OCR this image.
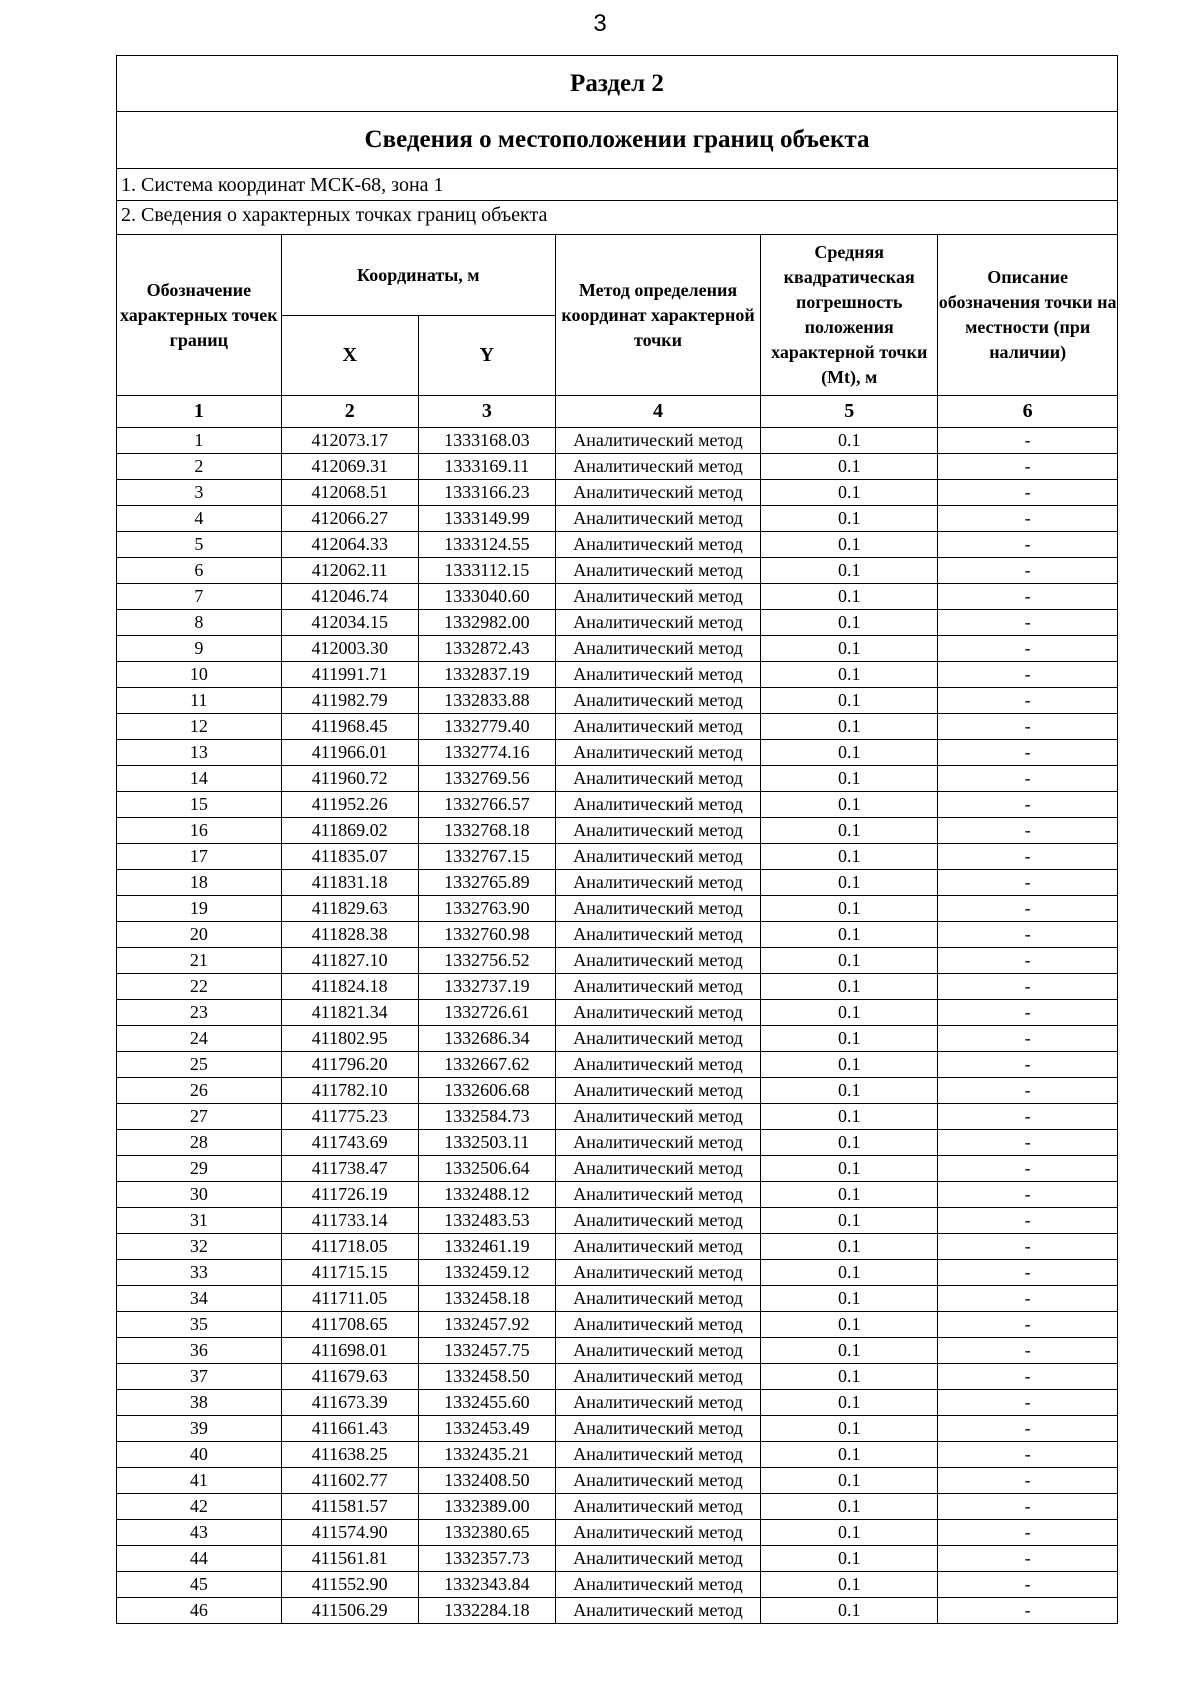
3
Раздел 2
Сведения о местоположении границ объекта
1. Система координат МСК-68, зона 1
2. Сведения о характерных точках границ объекта
Обозначение характерных точек границ	Координаты, м		Метод определения координат характерной точки	Средняя квадратическая погрешность положения характерной точки (Mt), м	Описание обозначения точки на местности (при наличии)
	X	Y			
1	2	3	4	5	6
1	412073.17	1333168.03	Аналитический метод	0.1	-
2	412069.31	1333169.11	Аналитический метод	0.1	-
3	412068.51	1333166.23	Аналитический метод	0.1	-
4	412066.27	1333149.99	Аналитический метод	0.1	-
5	412064.33	1333124.55	Аналитический метод	0.1	-
6	412062.11	1333112.15	Аналитический метод	0.1	-
7	412046.74	1333040.60	Аналитический метод	0.1	-
8	412034.15	1332982.00	Аналитический метод	0.1	-
9	412003.30	1332872.43	Аналитический метод	0.1	-
10	411991.71	1332837.19	Аналитический метод	0.1	-
11	411982.79	1332833.88	Аналитический метод	0.1	-
12	411968.45	1332779.40	Аналитический метод	0.1	-
13	411966.01	1332774.16	Аналитический метод	0.1	-
14	411960.72	1332769.56	Аналитический метод	0.1	-
15	411952.26	1332766.57	Аналитический метод	0.1	-
16	411869.02	1332768.18	Аналитический метод	0.1	-
17	411835.07	1332767.15	Аналитический метод	0.1	-
18	411831.18	1332765.89	Аналитический метод	0.1	-
19	411829.63	1332763.90	Аналитический метод	0.1	-
20	411828.38	1332760.98	Аналитический метод	0.1	-
21	411827.10	1332756.52	Аналитический метод	0.1	-
22	411824.18	1332737.19	Аналитический метод	0.1	-
23	411821.34	1332726.61	Аналитический метод	0.1	-
24	411802.95	1332686.34	Аналитический метод	0.1	-
25	411796.20	1332667.62	Аналитический метод	0.1	-
26	411782.10	1332606.68	Аналитический метод	0.1	-
27	411775.23	1332584.73	Аналитический метод	0.1	-
28	411743.69	1332503.11	Аналитический метод	0.1	-
29	411738.47	1332506.64	Аналитический метод	0.1	-
30	411726.19	1332488.12	Аналитический метод	0.1	-
31	411733.14	1332483.53	Аналитический метод	0.1	-
32	411718.05	1332461.19	Аналитический метод	0.1	-
33	411715.15	1332459.12	Аналитический метод	0.1	-
34	411711.05	1332458.18	Аналитический метод	0.1	-
35	411708.65	1332457.92	Аналитический метод	0.1	-
36	411698.01	1332457.75	Аналитический метод	0.1	-
37	411679.63	1332458.50	Аналитический метод	0.1	-
38	411673.39	1332455.60	Аналитический метод	0.1	-
39	411661.43	1332453.49	Аналитический метод	0.1	-
40	411638.25	1332435.21	Аналитический метод	0.1	-
41	411602.77	1332408.50	Аналитический метод	0.1	-
42	411581.57	1332389.00	Аналитический метод	0.1	-
43	411574.90	1332380.65	Аналитический метод	0.1	-
44	411561.81	1332357.73	Аналитический метод	0.1	-
45	411552.90	1332343.84	Аналитический метод	0.1	-
46	411506.29	1332284.18	Аналитический метод	0.1	-
